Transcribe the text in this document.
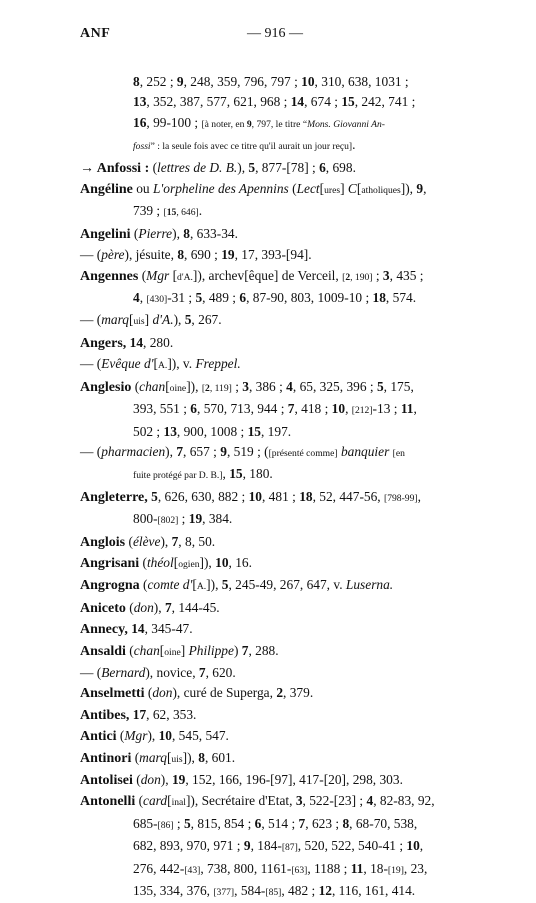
ANF	— 916 —

8, 252 ; 9, 248, 359, 796, 797 ; 10, 310, 638, 1031 ;
13, 352, 387, 577, 621, 968 ; 14, 674 ; 15, 242, 741 ;
16, 99-100 ; [à noter, en 9, 797, le titre “Mons. Giovanni An-
fossi” : la seule fois avec ce titre qu'il aurait un jour reçu].

→ Anfossi : (lettres de D. B.), 5, 877-[78] ; 6, 698.

Angéline ou L'orpheline des Apennins (Lect[ures] C[atholiques]), 9,
739 ; [15, 646].

Angelini (Pierre), 8, 633-34.

— (père), jésuite, 8, 690 ; 19, 17, 393-[94].

Angennes (Mgr [d'A.]), archev[êque] de Verceil, [2, 190] ; 3, 435 ;
4, [430]-31 ; 5, 489 ; 6, 87-90, 803, 1009-10 ; 18, 574.

— (marq[uis] d'A.), 5, 267.

Angers, 14, 280.

— (Evêque d'[A.]), v. Freppel.

Anglesio (chan[oine]), [2, 119] ; 3, 386 ; 4, 65, 325, 396 ; 5, 175,
393, 551 ; 6, 570, 713, 944 ; 7, 418 ; 10, [212]-13 ; 11,
502 ; 13, 900, 1008 ; 15, 197.

— (pharmacien), 7, 657 ; 9, 519 ; ([présenté comme] banquier [en
fuite protégé par D. B.], 15, 180.

Angleterre, 5, 626, 630, 882 ; 10, 481 ; 18, 52, 447-56, [798-99],
800-[802] ; 19, 384.

Anglois (élève), 7, 8, 50.

Angrisani (théol[ogien]), 10, 16.

Angrogna (comte d'[A.]), 5, 245-49, 267, 647, v. Luserna.

Aniceto (don), 7, 144-45.

Annecy, 14, 345-47.

Ansaldi (chan[oine] Philippe) 7, 288.

— (Bernard), novice, 7, 620.

Anselmetti (don), curé de Superga, 2, 379.

Antibes, 17, 62, 353.

Antici (Mgr), 10, 545, 547.

Antinori (marq[uis]), 8, 601.

Antolisei (don), 19, 152, 166, 196-[97], 417-[20], 298, 303.

Antonelli (card[inal]), Secrétaire d'Etat, 3, 522-[23] ; 4, 82-83, 92,
685-[86] ; 5, 815, 854 ; 6, 514 ; 7, 623 ; 8, 68-70, 538,
682, 893, 970, 971 ; 9, 184-[87], 520, 522, 540-41 ; 10,
276, 442-[43], 738, 800, 1161-[63], 1188 ; 11, 18-[19], 23,
135, 334, 376, [377], 584-[85], 482 ; 12, 116, 161, 414.
